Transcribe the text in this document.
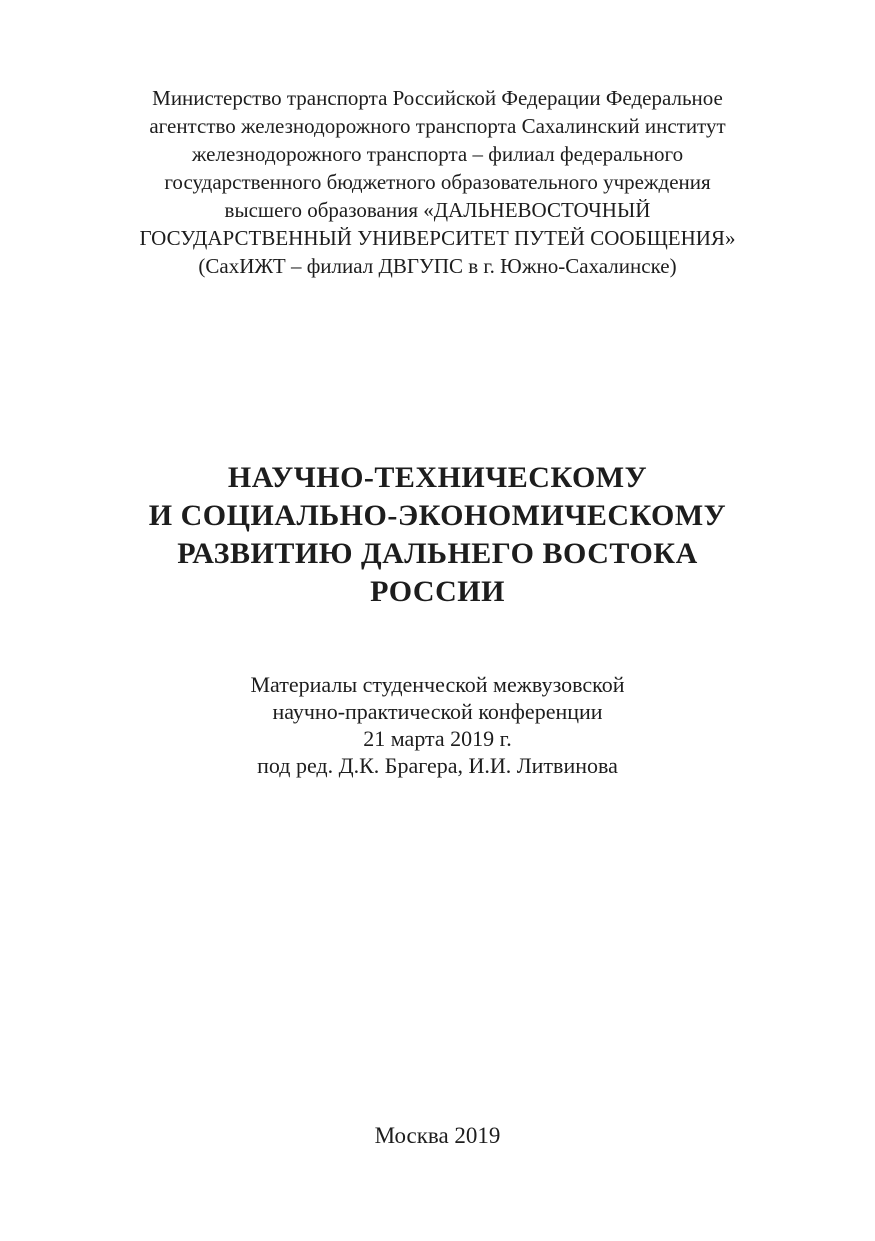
Министерство транспорта Российской Федерации Федеральное
агентство железнодорожного транспорта Сахалинский институт
железнодорожного транспорта – филиал федерального
государственного бюджетного образовательного учреждения
высшего образования «ДАЛЬНЕВОСТОЧНЫЙ
ГОСУДАРСТВЕННЫЙ УНИВЕРСИТЕТ ПУТЕЙ СООБЩЕНИЯ»
(СахИЖТ – филиал ДВГУПС в г. Южно-Сахалинске)
НАУЧНО-ТЕХНИЧЕСКОМУ
И СОЦИАЛЬНО-ЭКОНОМИЧЕСКОМУ
РАЗВИТИЮ ДАЛЬНЕГО ВОСТОКА
РОССИИ
Материалы студенческой межвузовской
научно-практической конференции
21 марта 2019 г.
под ред. Д.К. Брагера, И.И. Литвинова
Москва 2019
